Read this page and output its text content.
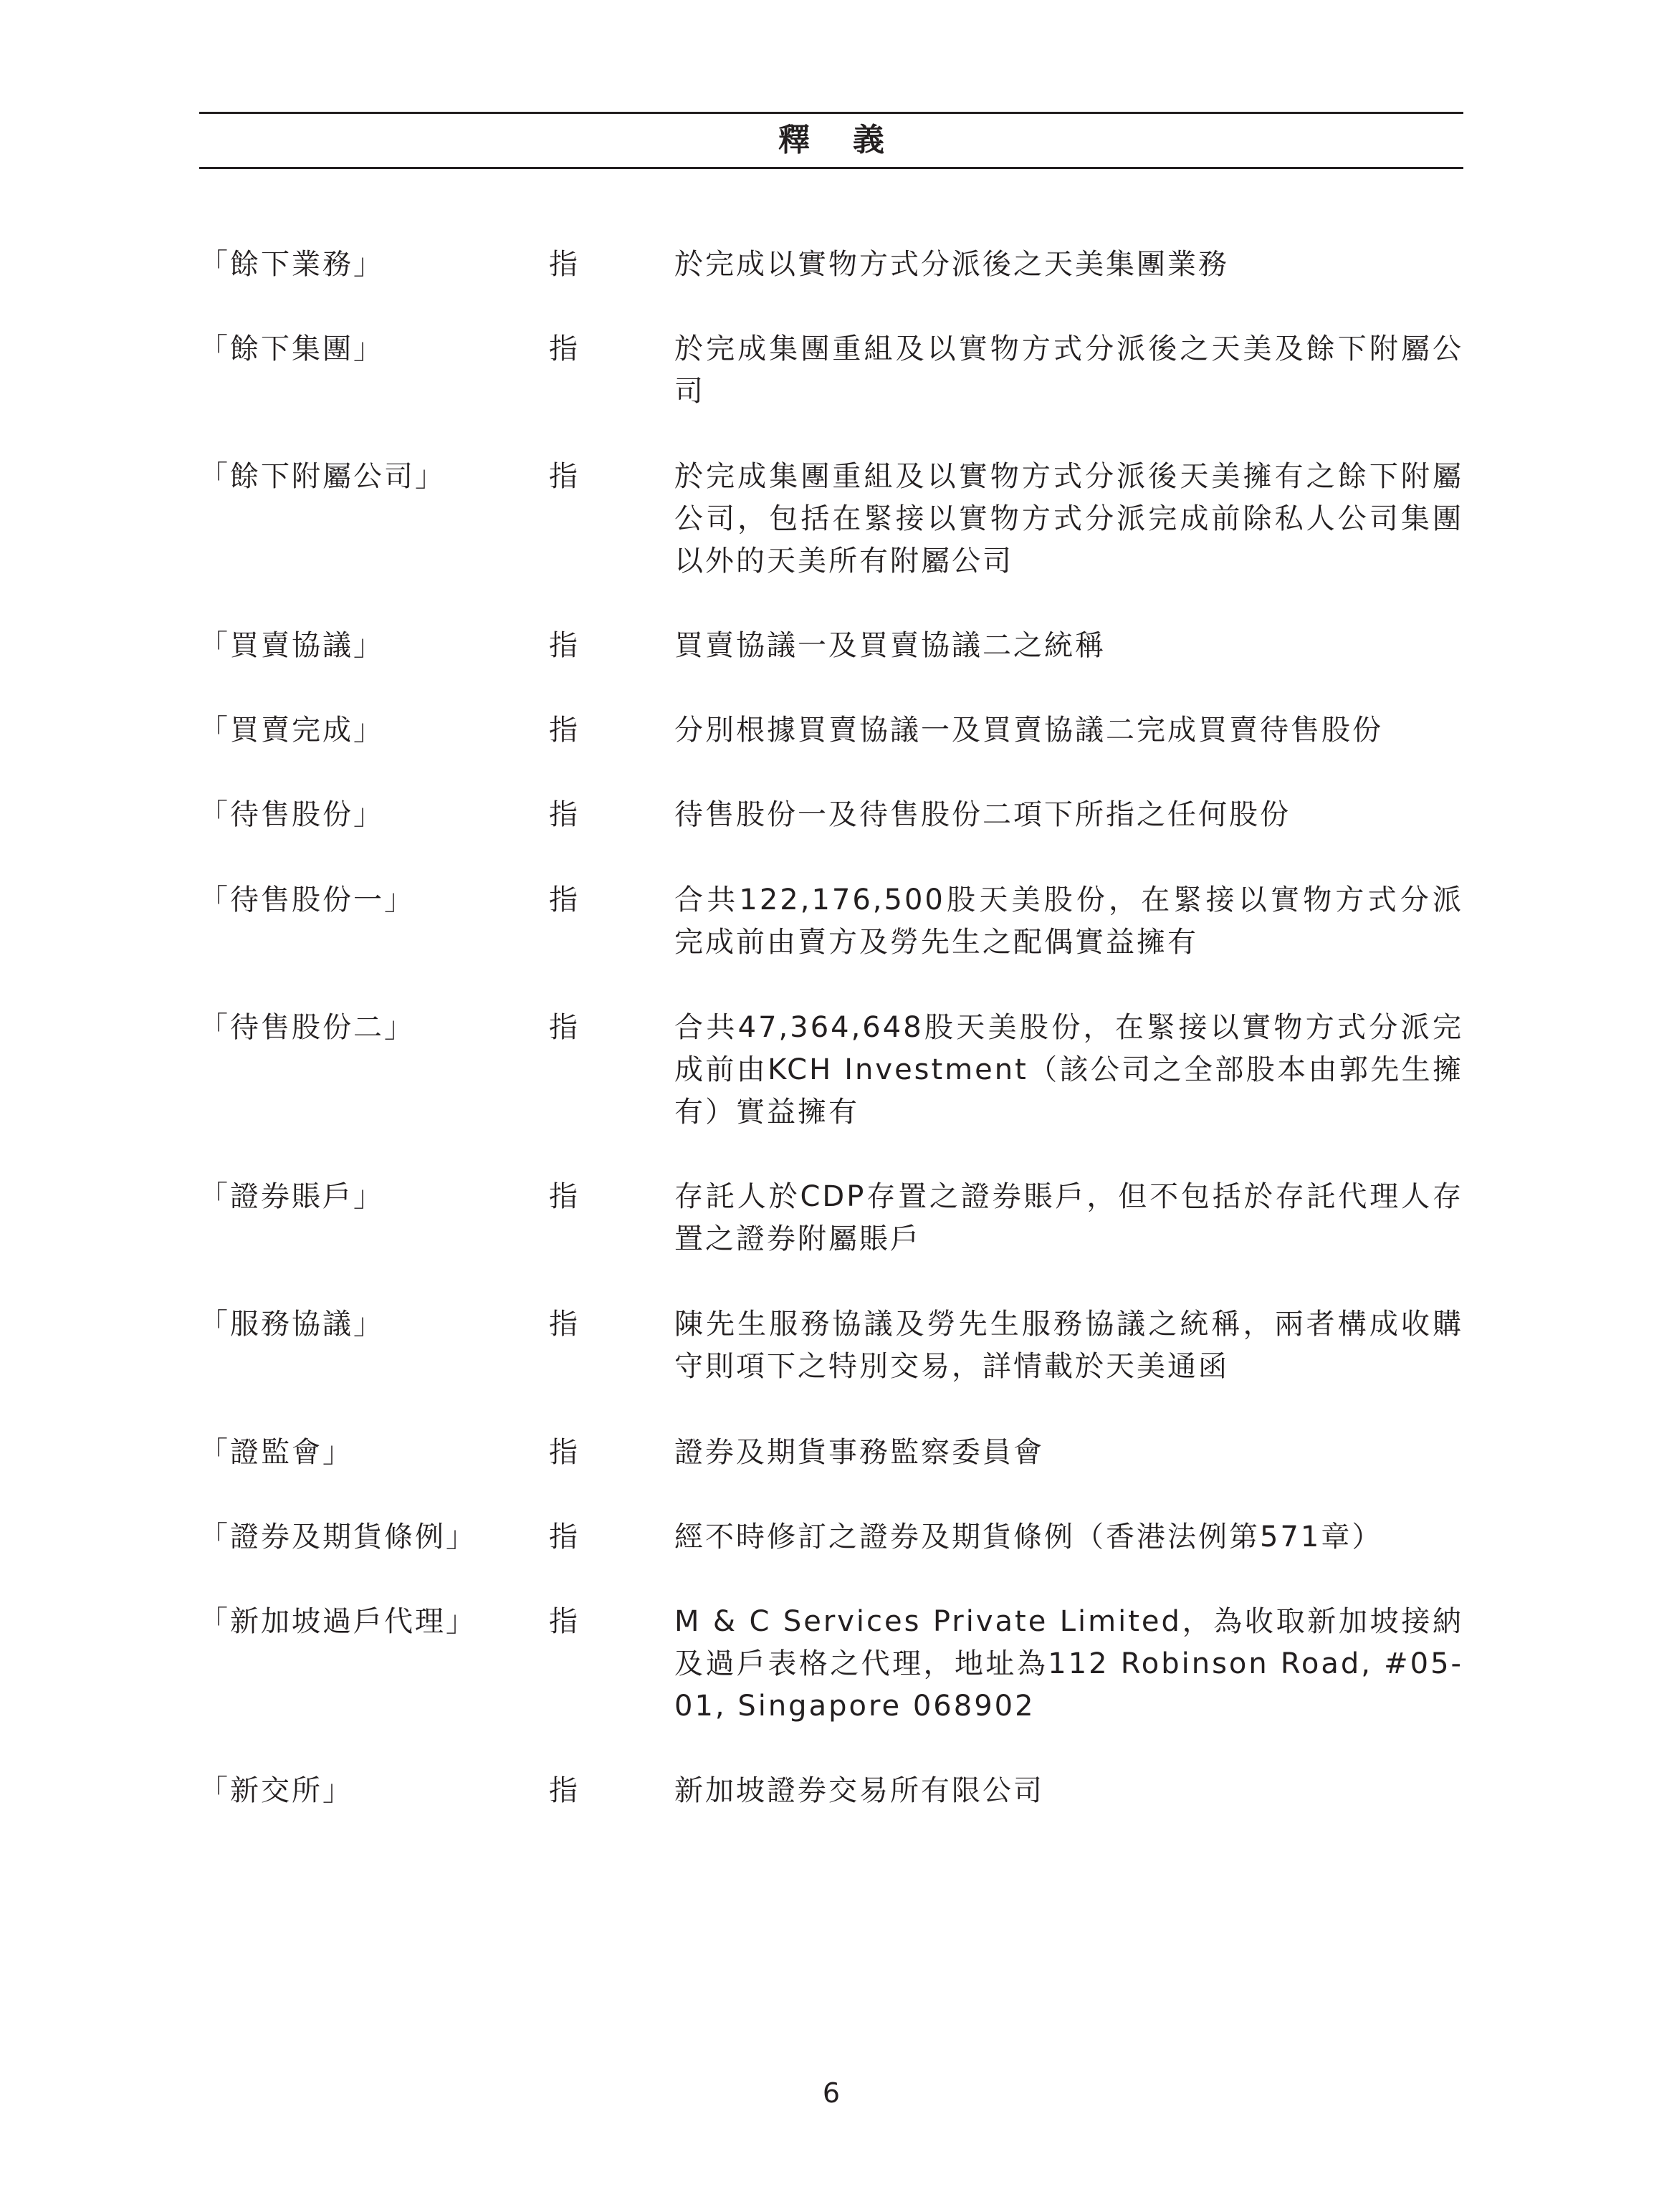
釋義
「餘下業務」	指	於完成以實物方式分派後之天美集團業務
「餘下集團」	指	於完成集團重組及以實物方式分派後之天美及餘下附屬公司
「餘下附屬公司」	指	於完成集團重組及以實物方式分派後天美擁有之餘下附屬公司，包括在緊接以實物方式分派完成前除私人公司集團以外的天美所有附屬公司
「買賣協議」	指	買賣協議一及買賣協議二之統稱
「買賣完成」	指	分別根據買賣協議一及買賣協議二完成買賣待售股份
「待售股份」	指	待售股份一及待售股份二項下所指之任何股份
「待售股份一」	指	合共122,176,500股天美股份，在緊接以實物方式分派完成前由賣方及勞先生之配偶實益擁有
「待售股份二」	指	合共47,364,648股天美股份，在緊接以實物方式分派完成前由KCH Investment（該公司之全部股本由郭先生擁有）實益擁有
「證券賬戶」	指	存託人於CDP存置之證券賬戶，但不包括於存託代理人存置之證券附屬賬戶
「服務協議」	指	陳先生服務協議及勞先生服務協議之統稱，兩者構成收購守則項下之特別交易，詳情載於天美通函
「證監會」	指	證券及期貨事務監察委員會
「證券及期貨條例」	指	經不時修訂之證券及期貨條例（香港法例第571章）
「新加坡過戶代理」	指	M & C Services Private Limited，為收取新加坡接納及過戶表格之代理，地址為112 Robinson Road, #05-01, Singapore 068902
「新交所」	指	新加坡證券交易所有限公司
6
